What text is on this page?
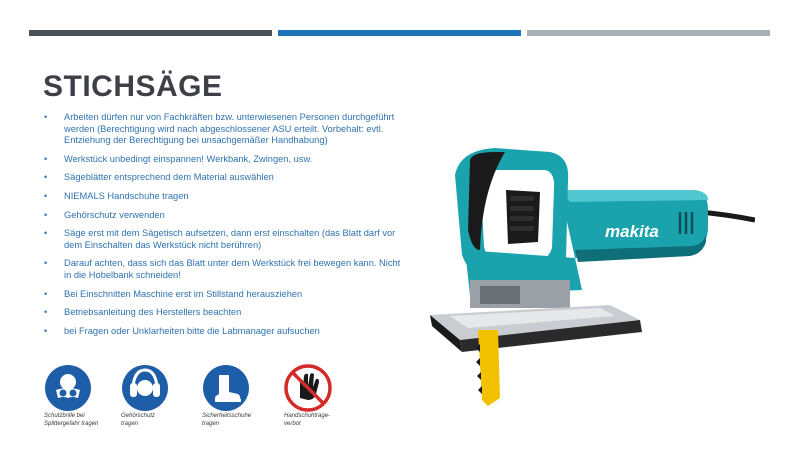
STICHSÄGE
• Arbeiten dürfen nur von Fachkräften bzw. unterwiesenen Personen durchgeführt werden (Berechtigung wird nach abgeschlossener ASU erteilt. Vorbehalt: evtl. Entziehung der Berechtigung bei unsachgemäßer Handhabung)
• Werkstück unbedingt einspannen! Werkbank, Zwingen, usw.
• Sägeblätter entsprechend dem Material auswählen
• NIEMALS Handschuhe tragen
• Gehörschutz verwenden
• Säge erst mit dem Sägetisch aufsetzen, dann erst einschalten (das Blatt darf vor dem Einschalten das Werkstück nicht berühren)
• Darauf achten, dass sich das Blatt unter dem Werkstück frei bewegen kann. Nicht in die Hobelbank schneiden!
• Bei Einschnitten Maschine erst im Stillstand herausziehen
• Betriebsanleitung des Herstellers beachten
• bei Fragen oder Unklarheiten bitte die Labmanager aufsuchen
makita
Schutzbrille bei Splittergefahr tragen
Gehörschutz tragen
Sicherheitsschuhe tragen
Handschuhtrage-verbot
